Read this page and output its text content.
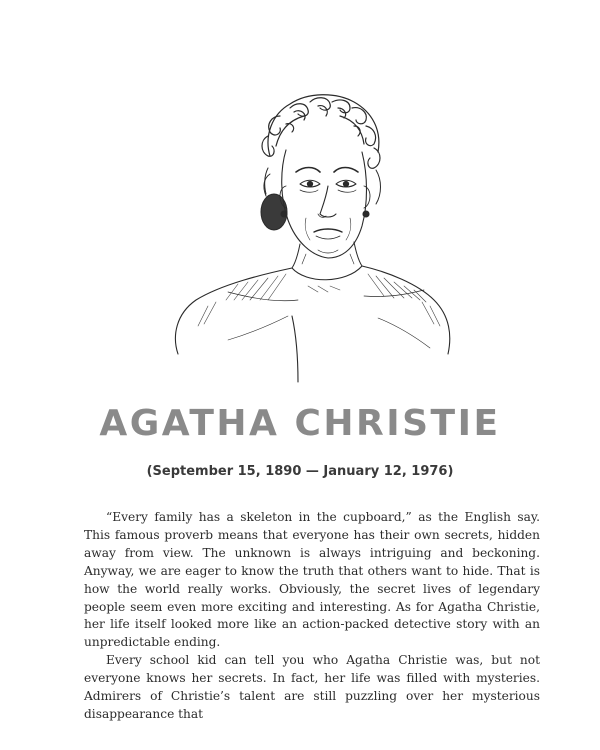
AGATHA CHRISTIE
(September 15, 1890 — January 12, 1976)

“Every family has a skeleton in the cupboard,” as the English say. This famous proverb means that everyone has their own secrets, hidden away from view. The unknown is always intriguing and beckoning. Anyway, we are eager to know the truth that others want to hide. That is how the world really works. Obviously, the secret lives of legendary people seem even more exciting and interesting. As for Agatha Christie, her life itself looked more like an action-packed detective story with an unpredictable ending.

Every school kid can tell you who Agatha Christie was, but not everyone knows her secrets. In fact, her life was filled with mysteries. Admirers of Christie’s talent are still puzzling over her mysterious disappearance that
